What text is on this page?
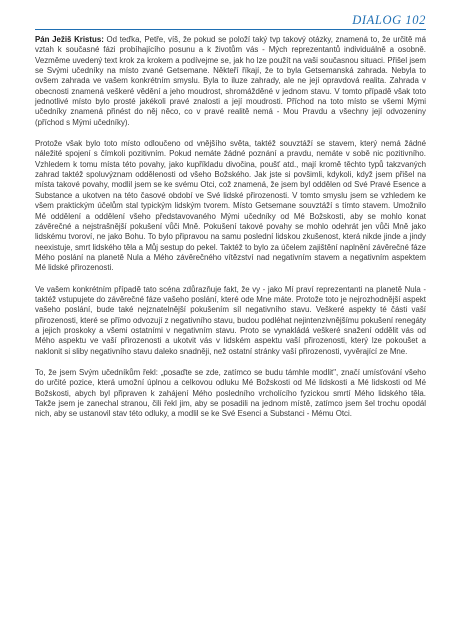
DIALOG 102

Pán Ježiš Kristus: Od teďka, Petře, víš, že pokud se položí taký tvp takový otázky, znamená to, že určitě má vztah k současné fázi probíhajícího posunu a k životům vás - Mých reprezentantů individuálně a osobně. Vezměme uvedený text krok za krokem a podívejme se, jak ho lze použít na vaši současnou situaci. Přišel jsem se Svými učedníky na místo zvané Getsemane. Někteří říkají, že to byla Getsemanská zahrada. Nebyla to ovšem zahrada ve vašem konkrétním smyslu. Byla to iluze zahrady, ale ne její opravdová realita. Zahrada v obecnosti znamená veškeré vědění a jeho moudrost, shromážděné v jednom stavu. V tomto případě však toto jednotlivé místo bylo prosté jakékoli pravé znalosti a její moudrosti. Příchod na toto místo se všemi Mými učedníky znamená přinést do něj něco, co v pravé realitě nemá - Mou Pravdu a všechny její odvozeniny (příchod s Mými učedníky).

Protože však bylo toto místo odloučeno od vnějšího světa, taktéž souvztáží se stavem, který nemá žádné náležité spojení s čímkoli pozitivním. Pokud nemáte žádné poznání a pravdu, nemáte v sobě nic pozitivního. Vzhledem k tomu místa této povahy, jako kupříkladu divočina, poušť atd., mají kromě těchto typů takzvaných zahrad taktéž spoluvýznam oddělenosti od všeho Božského. Jak jste si povšimli, kdykoli, když jsem přišel na místa takové povahy, modlil jsem se ke svému Otci, což znamená, že jsem byl oddělen od Své Pravé Esence a Substance a ukotven na této časové období ve Své lidské přirozenosti. V tomto smyslu jsem se vzhledem ke všem praktickým účelům stal typickým lidským tvorem. Místo Getsemane souvztáží s tímto stavem. Umožnilo Mé oddělení a oddělení všeho představovaného Mými učedníky od Mé Božskosti, aby se mohlo konat závěrečné a nejstrašnější pokušení vůči Mně. Pokušení takové povahy se mohlo odehrát jen vůči Mně jako lidskému tvoroví, ne jako Bohu. To bylo připravou na samu poslední lidskou zkušenost, která nikde jinde a jindy neexistuje, smrt lidského těla a Můj sestup do pekel. Taktéž to bylo za účelem zajištění naplnění závěrečné fáze Mého poslání na planetě Nula a Mého závěrečného vítězství nad negativním stavem a negativním aspektem Mé lidské přirozenosti.

Ve vašem konkrétním případě tato scéna zdůrazňuje fakt, že vy - jako Mí praví reprezentanti na planetě Nula - taktéž vstupujete do závěrečné fáze vašeho poslání, které ode Mne máte. Protože toto je nejrozhodnější aspekt vašeho poslání, bude také nejznatelnější pokušením síl negativního stavu. Veškeré aspekty té části vaší přirozenosti, které se přímo odvozují z negativního stavu, budou podléhat nejintenzivnějšímu pokušení renegáty a jejich proskoky a všemi ostatními v negativním stavu. Proto se vynakládá veškeré snažení oddělit vás od Mého aspektu ve vaší přirozenosti a ukotvit vás v lidském aspektu vaší přirozenosti, který lze pokoušet a naklonit si sliby negativního stavu daleko snadněji, než ostatní stránky vaší přirozenosti, vyvěrající ze Mne.

To, že jsem Svým učedníkům řekl: „posaďte se zde, zatímco se budu támhle modlit", značí umísťování všeho do určité pozice, která umožní úplnou a celkovou odluku Mé Božskosti od Mé lidskosti a Mé lidskosti od Mé Božskosti, abych byl připraven k zahájení Mého posledního vrcholícího fyzickou smrtí Mého lidského těla. Takže jsem je zanechal stranou, čili řekl jim, aby se posadili na jednom místě, zatímco jsem šel trochu opodál nich, aby se ustanovil stav této odluky, a modlil se ke Své Esenci a Substanci - Mému Otci.
